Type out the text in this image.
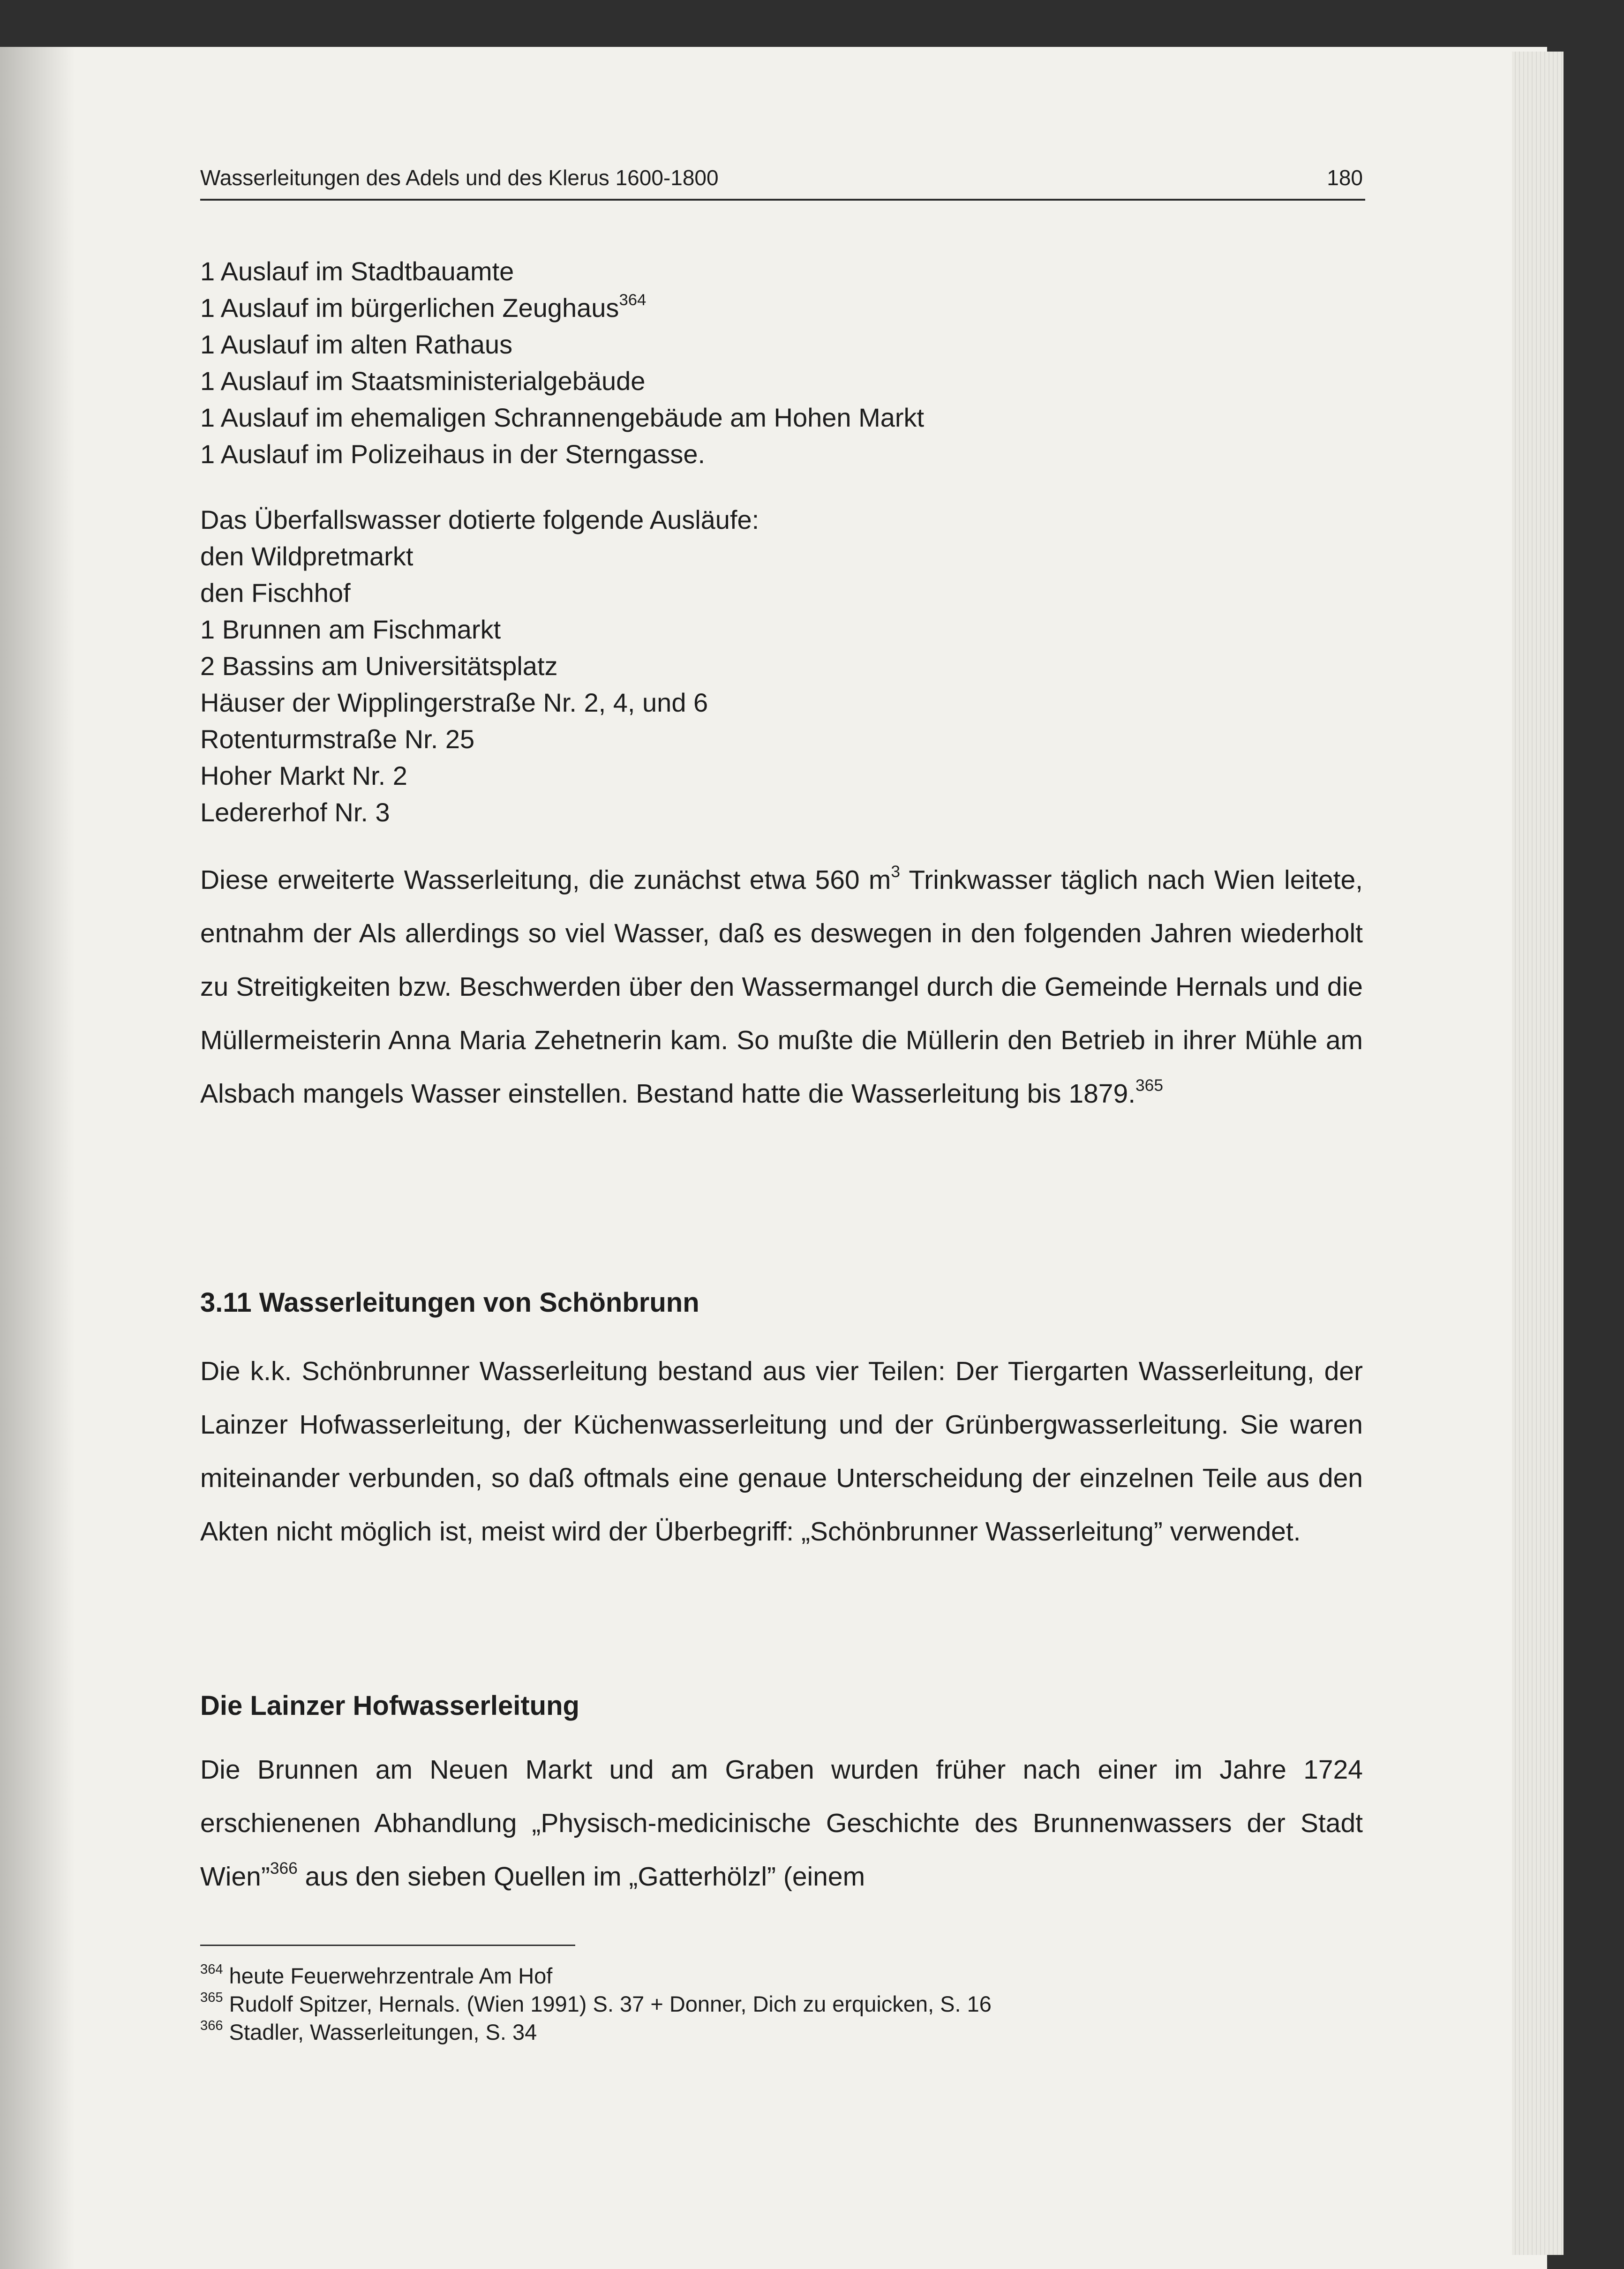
Wasserleitungen des Adels und des Klerus 1600-1800	180
1 Auslauf im Stadtbauamte
1 Auslauf im bürgerlichen Zeughaus$^{364}$
1 Auslauf im alten Rathaus
1 Auslauf im Staatsministerialgebäude
1 Auslauf im ehemaligen Schrannengebäude am Hohen Markt
1 Auslauf im Polizeihaus in der Sterngasse.
Das Überfallswasser dotierte folgende Ausläufe:
den Wildpretmarkt
den Fischhof
1 Brunnen am Fischmarkt
2 Bassins am Universitätsplatz
Häuser der Wipplingerstraße Nr. 2, 4, und 6
Rotenturmstraße Nr. 25
Hoher Markt Nr. 2
Ledererhof Nr. 3

Diese erweiterte Wasserleitung, die zunächst etwa 560 $m^3$ Trinkwasser täglich nach Wien leitete, entnahm der Als allerdings so viel Wasser, daß es deswegen in den folgenden Jahren wiederholt zu Streitigkeiten bzw. Beschwerden über den Wassermangel durch die Gemeinde Hernals und die Müllermeisterin Anna Maria Zehetnerin kam. So mußte die Müllerin den Betrieb in ihrer Mühle am Alsbach mangels Wasser einstellen. Bestand hatte die Wasserleitung bis 1879.$^{365}$

3.11 Wasserleitungen von Schönbrunn

Die k.k. Schönbrunner Wasserleitung bestand aus vier Teilen: Der Tiergarten Wasserleitung, der Lainzer Hofwasserleitung, der Küchenwasserleitung und der Grünbergwasserleitung. Sie waren miteinander verbunden, so daß oftmals eine genaue Unterscheidung der einzelnen Teile aus den Akten nicht möglich ist, meist wird der Überbegriff: „Schönbrunner Wasserleitung” verwendet.

Die Lainzer Hofwasserleitung

Die Brunnen am Neuen Markt und am Graben wurden früher nach einer im Jahre 1724 erschienenen Abhandlung „Physisch-medicinische Geschichte des Brunnenwassers der Stadt Wien”$^{366}$ aus den sieben Quellen im „Gatterhölzl” (einem

$^{364}$ heute Feuerwehrzentrale Am Hof
$^{365}$ Rudolf Spitzer, Hernals. (Wien 1991) S. 37 + Donner, Dich zu erquicken, S. 16
$^{366}$ Stadler, Wasserleitungen, S. 34
